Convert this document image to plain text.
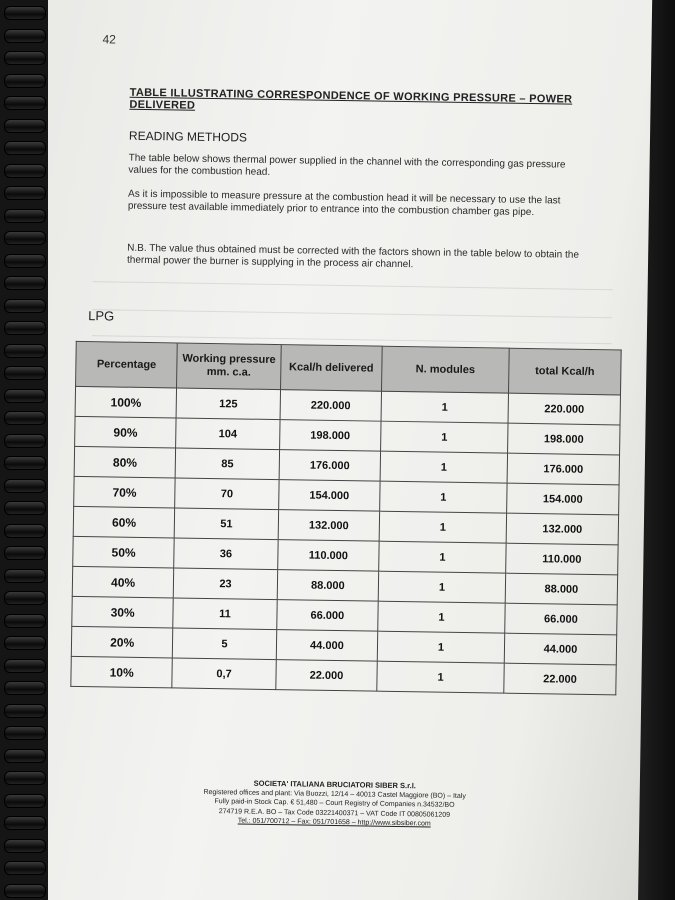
42
TABLE ILLUSTRATING CORRESPONDENCE OF WORKING PRESSURE – POWER DELIVERED
READING METHODS
The table below shows thermal power supplied in the channel with the corresponding gas pressure values for the combustion head.
As it is impossible to measure pressure at the combustion head it will be necessary to use the last pressure test available immediately prior to entrance into the combustion chamber gas pipe.
N.B. The value thus obtained must be corrected with the factors shown in the table below to obtain the thermal power the burner is supplying in the process air channel.
LPG
Percentage	Working pressure mm. c.a.	Kcal/h delivered	N. modules	total Kcal/h
100%	125	220.000	1	220.000
90%	104	198.000	1	198.000
80%	85	176.000	1	176.000
70%	70	154.000	1	154.000
60%	51	132.000	1	132.000
50%	36	110.000	1	110.000
40%	23	88.000	1	88.000
30%	11	66.000	1	66.000
20%	5	44.000	1	44.000
10%	0,7	22.000	1	22.000
SOCIETA' ITALIANA BRUCIATORI SIBER S.r.l.
Registered offices and plant: Via Buozzi, 12/14 – 40013 Castel Maggiore (BO) – Italy
Fully paid-in Stock Cap. € 51,480 – Court Registry of Companies n.34532/BO
274719 R.E.A. BO – Tax Code 03221400371 – VAT Code IT 00805061209
Tel.: 051/700712 – Fax: 051/701658 – http://www.sibsiber.com
